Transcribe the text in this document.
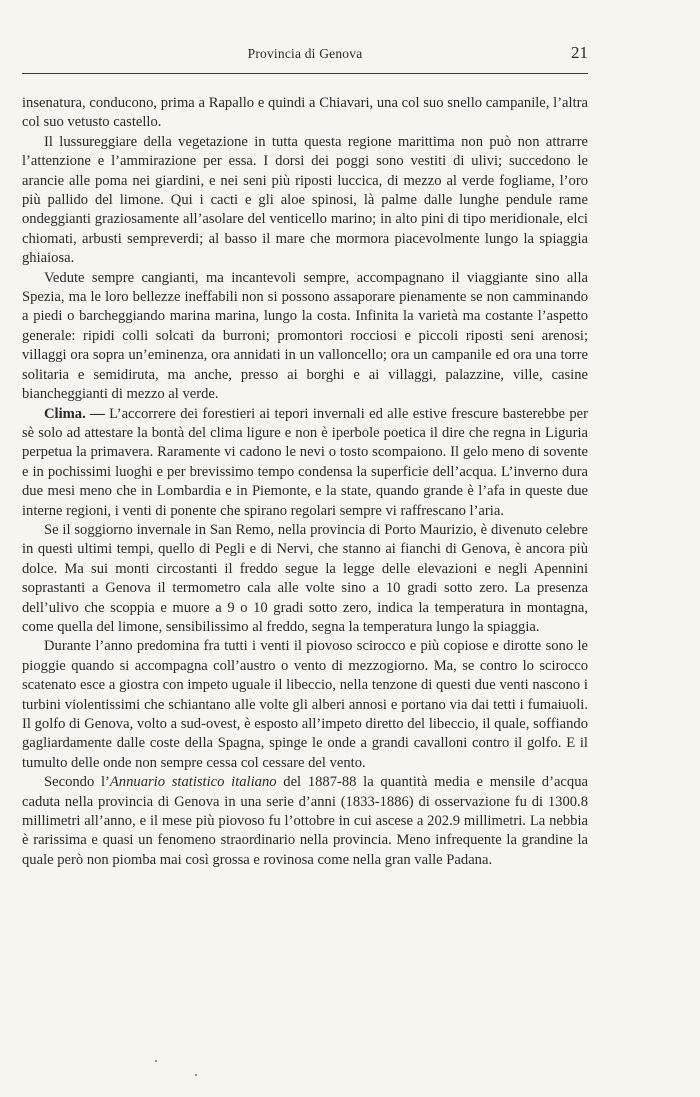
Provincia di Genova	21

insenatura, conducono, prima a Rapallo e quindi a Chiavari, una col suo snello campanile, l’altra col suo vetusto castello.

Il lussureggiare della vegetazione in tutta questa regione marittima non può non attrarre l’attenzione e l’ammirazione per essa. I dorsi dei poggi sono vestiti di ulivi; succedono le arancie alle poma nei giardini, e nei seni più riposti luccica, di mezzo al verde fogliame, l’oro più pallido del limone. Qui i cacti e gli aloe spinosi, là palme dalle lunghe pendule rame ondeggianti graziosamente all’asolare del venticello marino; in alto pini di tipo meridionale, elci chiomati, arbusti sempreverdi; al basso il mare che mormora piacevolmente lungo la spiaggia ghiaiosa.

Vedute sempre cangianti, ma incantevoli sempre, accompagnano il viaggiante sino alla Spezia, ma le loro bellezze ineffabili non si possono assaporare pienamente se non camminando a piedi o barcheggiando marina marina, lungo la costa. Infinita la varietà ma costante l’aspetto generale: ripidi colli solcati da burroni; promontori rocciosi e piccoli riposti seni arenosi; villaggi ora sopra un’eminenza, ora annidati in un valloncello; ora un campanile ed ora una torre solitaria e semidiruta, ma anche, presso ai borghi e ai villaggi, palazzine, ville, casine biancheggianti di mezzo al verde.

Clima. — L’accorrere dei forestieri ai tepori invernali ed alle estive frescure basterebbe per sè solo ad attestare la bontà del clima ligure e non è iperbole poetica il dire che regna in Liguria perpetua la primavera. Raramente vi cadono le nevi o tosto scompaiono. Il gelo meno di sovente e in pochissimi luoghi e per brevissimo tempo condensa la superficie dell’acqua. L’inverno dura due mesi meno che in Lombardia e in Piemonte, e la state, quando grande è l’afa in queste due interne regioni, i venti di ponente che spirano regolari sempre vi raffrescano l’aria.

Se il soggiorno invernale in San Remo, nella provincia di Porto Maurizio, è divenuto celebre in questi ultimi tempi, quello di Pegli e di Nervi, che stanno ai fianchi di Genova, è ancora più dolce. Ma sui monti circostanti il freddo segue la legge delle elevazioni e negli Apennini soprastanti a Genova il termometro cala alle volte sino a 10 gradi sotto zero. La presenza dell’ulivo che scoppia e muore a 9 o 10 gradi sotto zero, indica la temperatura in montagna, come quella del limone, sensibilissimo al freddo, segna la temperatura lungo la spiaggia.

Durante l’anno predomina fra tutti i venti il piovoso scirocco e più copiose e dirotte sono le pioggie quando si accompagna coll’austro o vento di mezzogiorno. Ma, se contro lo scirocco scatenato esce a giostra con impeto uguale il libeccio, nella tenzone di questi due venti nascono i turbini violentissimi che schiantano alle volte gli alberi annosi e portano via dai tetti i fumaiuoli. Il golfo di Genova, volto a sud-ovest, è esposto all’impeto diretto del libeccio, il quale, soffiando gagliardamente dalle coste della Spagna, spinge le onde a grandi cavalloni contro il golfo. E il tumulto delle onde non sempre cessa col cessare del vento.

Secondo l’Annuario statistico italiano del 1887-88 la quantità media e mensile d’acqua caduta nella provincia di Genova in una serie d’anni (1833-1886) di osservazione fu di 1300.8 millimetri all’anno, e il mese più piovoso fu l’ottobre in cui ascese a 202.9 millimetri. La nebbia è rarissima e quasi un fenomeno straordinario nella provincia. Meno infrequente la grandine la quale però non piomba mai così grossa e rovinosa come nella gran valle Padana.
